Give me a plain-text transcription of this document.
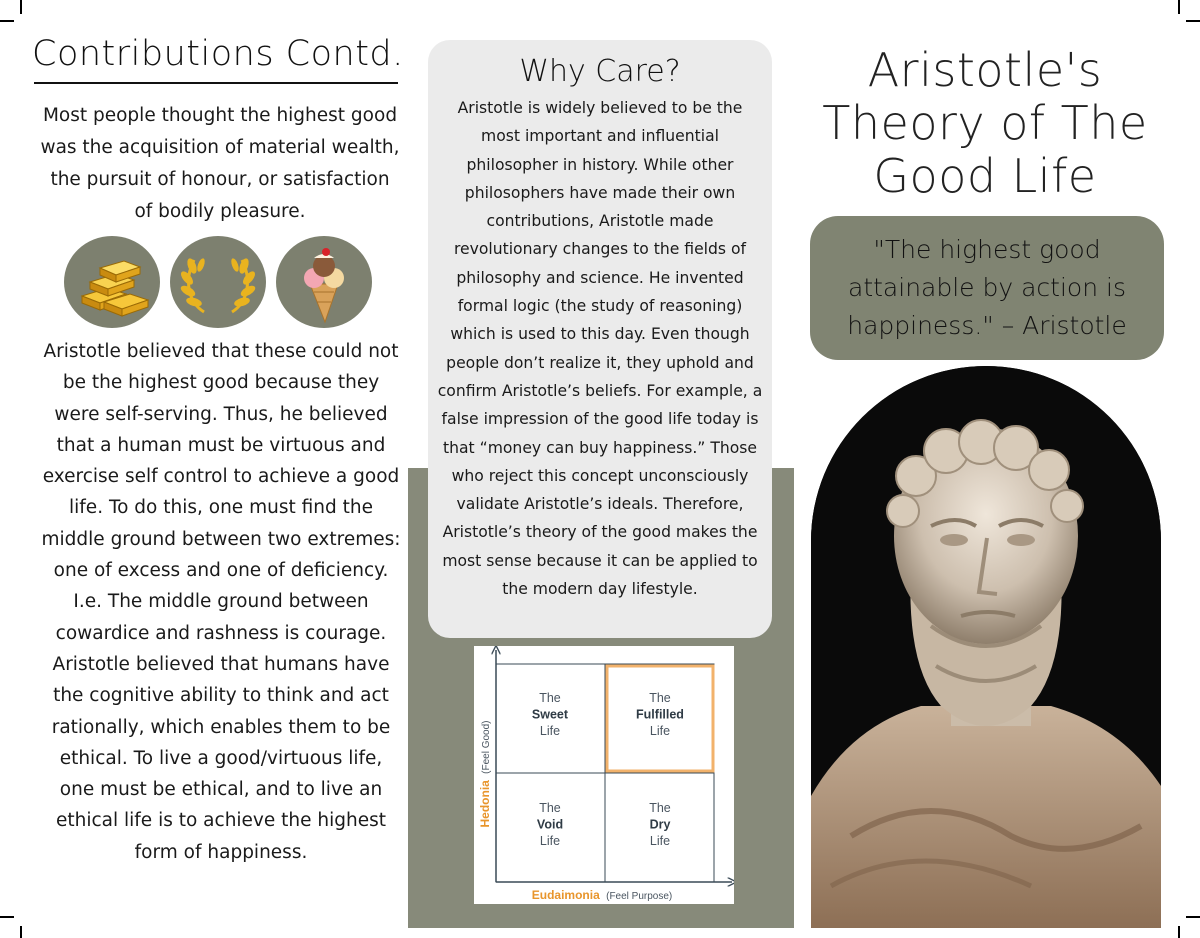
Contributions Contd.

Most people thought the highest good was the acquisition of material wealth, the pursuit of honour, or satisfaction of bodily pleasure.

Aristotle believed that these could not be the highest good because they were self-serving. Thus, he believed that a human must be virtuous and exercise self control to achieve a good life. To do this, one must find the middle ground between two extremes: one of excess and one of deficiency. I.e. The middle ground between cowardice and rashness is courage. Aristotle believed that humans have the cognitive ability to think and act rationally, which enables them to be ethical. To live a good/virtuous life, one must be ethical, and to live an ethical life is to achieve the highest form of happiness.

Why Care?

Aristotle is widely believed to be the most important and influential philosopher in history. While other philosophers have made their own contributions, Aristotle made revolutionary changes to the fields of philosophy and science. He invented formal logic (the study of reasoning) which is used to this day. Even though people don’t realize it, they uphold and confirm Aristotle’s beliefs. For example, a false impression of the good life today is that “money can buy happiness.” Those who reject this concept unconsciously validate Aristotle’s ideals. Therefore, Aristotle’s theory of the good makes the most sense because it can be applied to the modern day lifestyle.

The Sweet Life
The Fulfilled Life
The Void Life
The Dry Life
Eudaimonia (Feel Purpose)
Hedonia (Feel Good)
Aristotle's
Theory of The
Good Life
"The highest good attainable by action is happiness." – Aristotle
